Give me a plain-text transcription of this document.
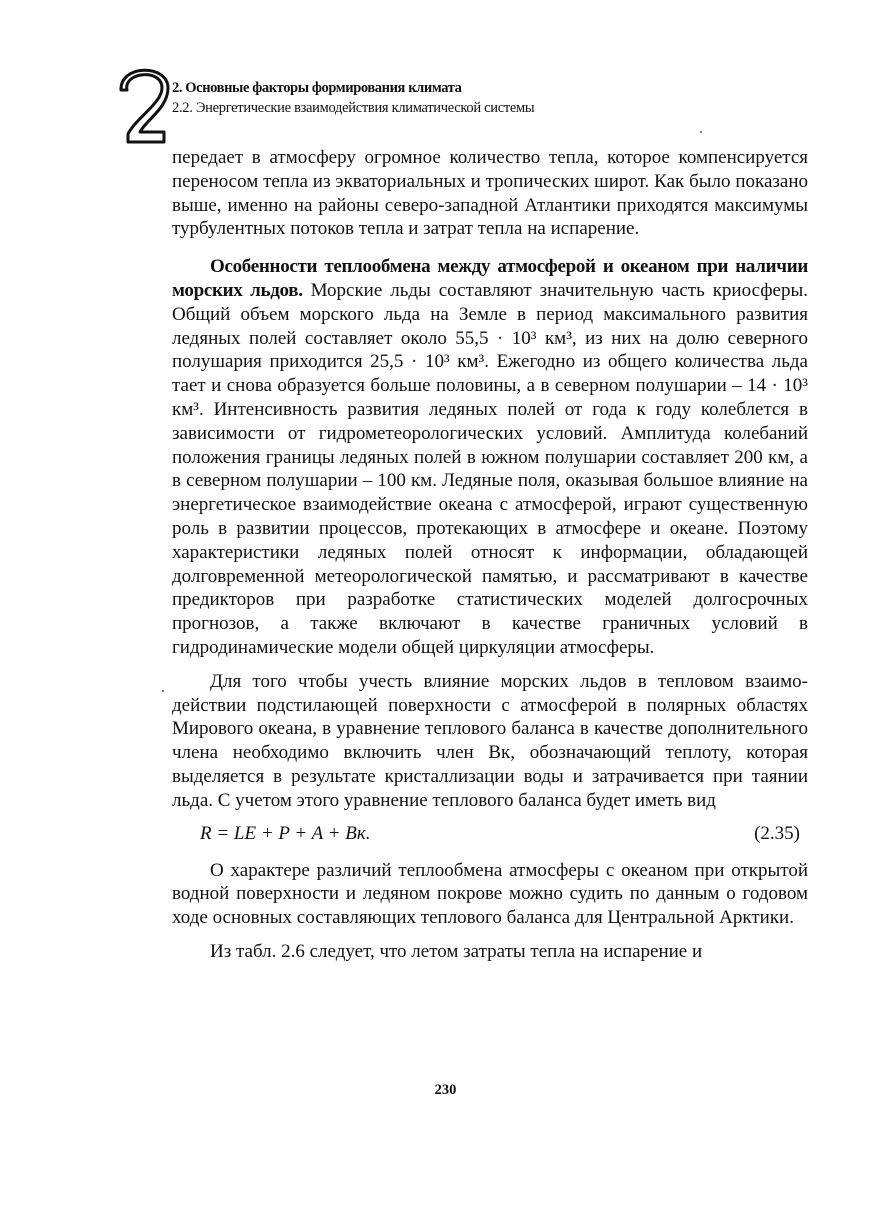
2. Основные факторы формирования климата
2.2. Энергетические взаимодействия климатической системы

передает в атмосферу огромное количество тепла, которое компенсируется переносом тепла из экваториальных и тропических широт. Как было показано выше, именно на районы северо-западной Атлантики приходятся максимумы турбулентных потоков тепла и затрат тепла на испарение.

Особенности теплообмена между атмосферой и океаном при наличии морских льдов. Морские льды составляют значительную часть криосферы. Общий объем морского льда на Земле в период максимального развития ледяных полей составляет около 55,5 · 10³ км³, из них на долю северного полушария приходится 25,5 · 10³ км³. Ежегодно из общего количества льда тает и снова образуется больше половины, а в северном полушарии – 14 · 10³ км³. Интенсивность развития ледяных полей от года к году колеблется в зависимости от гидрометеорологических условий. Амплитуда колебаний положения границы ледяных полей в южном полушарии составляет 200 км, а в северном полушарии – 100 км. Ледяные поля, оказывая большое влияние на энергетическое взаимодействие океана с атмосферой, играют существенную роль в развитии процессов, протекающих в атмосфере и океане. Поэтому характеристики ледяных полей относят к информации, обладающей долговременной метеорологической памятью, и рассматривают в качестве предикторов при разработке статистических моделей долгосрочных прогнозов, а также включают в качестве граничных условий в гидродинамические модели общей циркуляции атмосферы.

Для того чтобы учесть влияние морских льдов в тепловом взаимодействии подстилающей поверхности с атмосферой в полярных областях Мирового океана, в уравнение теплового баланса в качестве дополнительного члена необходимо включить член Bк, обозначающий теплоту, которая выделяется в результате кристаллизации воды и затрачивается при таянии льда. С учетом этого уравнение теплового баланса будет иметь вид

R = LE + P + A + Bк.	(2.35)

О характере различий теплообмена атмосферы с океаном при открытой водной поверхности и ледяном покрове можно судить по данным о годовом ходе основных составляющих теплового баланса для Центральной Арктики.

Из табл. 2.6 следует, что летом затраты тепла на испарение и

230
